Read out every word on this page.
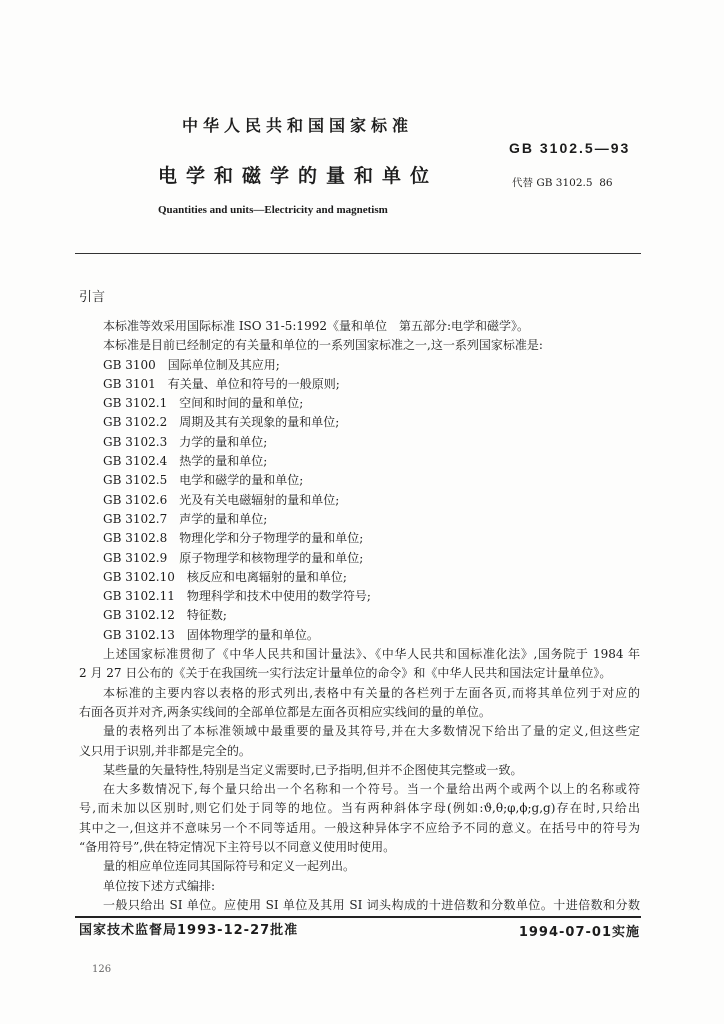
中华人民共和国国家标准
GB 3102.5—93
电学和磁学的量和单位	代替 GB 3102.5  86
Quantities and units—Electricity and magnetism
引言
本标准等效采用国际标准 ISO 31-5:1992《量和单位　第五部分:电学和磁学》。
本标准是目前已经制定的有关量和单位的一系列国家标准之一,这一系列国家标准是:
GB 3100 国际单位制及其应用;
GB 3101 有关量、单位和符号的一般原则;
GB 3102.1 空间和时间的量和单位;
GB 3102.2 周期及其有关现象的量和单位;
GB 3102.3 力学的量和单位;
GB 3102.4 热学的量和单位;
GB 3102.5 电学和磁学的量和单位;
GB 3102.6 光及有关电磁辐射的量和单位;
GB 3102.7 声学的量和单位;
GB 3102.8 物理化学和分子物理学的量和单位;
GB 3102.9 原子物理学和核物理学的量和单位;
GB 3102.10 核反应和电离辐射的量和单位;
GB 3102.11 物理科学和技术中使用的数学符号;
GB 3102.12 特征数;
GB 3102.13 固体物理学的量和单位。
上述国家标准贯彻了《中华人民共和国计量法》、《中华人民共和国标准化法》,国务院于 1984 年
2 月 27 日公布的《关于在我国统一实行法定计量单位的命令》和《中华人民共和国法定计量单位》。
本标准的主要内容以表格的形式列出,表格中有关量的各栏列于左面各页,而将其单位列于对应的
右面各页并对齐,两条实线间的全部单位都是左面各页相应实线间的量的单位。
量的表格列出了本标准领域中最重要的量及其符号,并在大多数情况下给出了量的定义,但这些定
义只用于识别,并非都是完全的。
某些量的矢量特性,特别是当定义需要时,已予指明,但并不企图使其完整或一致。
在大多数情况下,每个量只给出一个名称和一个符号。当一个量给出两个或两个以上的名称或符
号,而未加以区别时,则它们处于同等的地位。当有两种斜体字母(例如:ϑ,θ;φ,ϕ;g,g)存在时,只给出
其中之一,但这并不意味另一个不同等适用。一般这种异体字不应给予不同的意义。在括号中的符号为
“备用符号”,供在特定情况下主符号以不同意义使用时使用。
量的相应单位连同其国际符号和定义一起列出。
单位按下述方式编排:
一般只给出 SI 单位。应使用 SI 单位及其用 SI 词头构成的十进倍数和分数单位。十进倍数和分数
国家技术监督局1993-12-27批准	1994-07-01实施
126
